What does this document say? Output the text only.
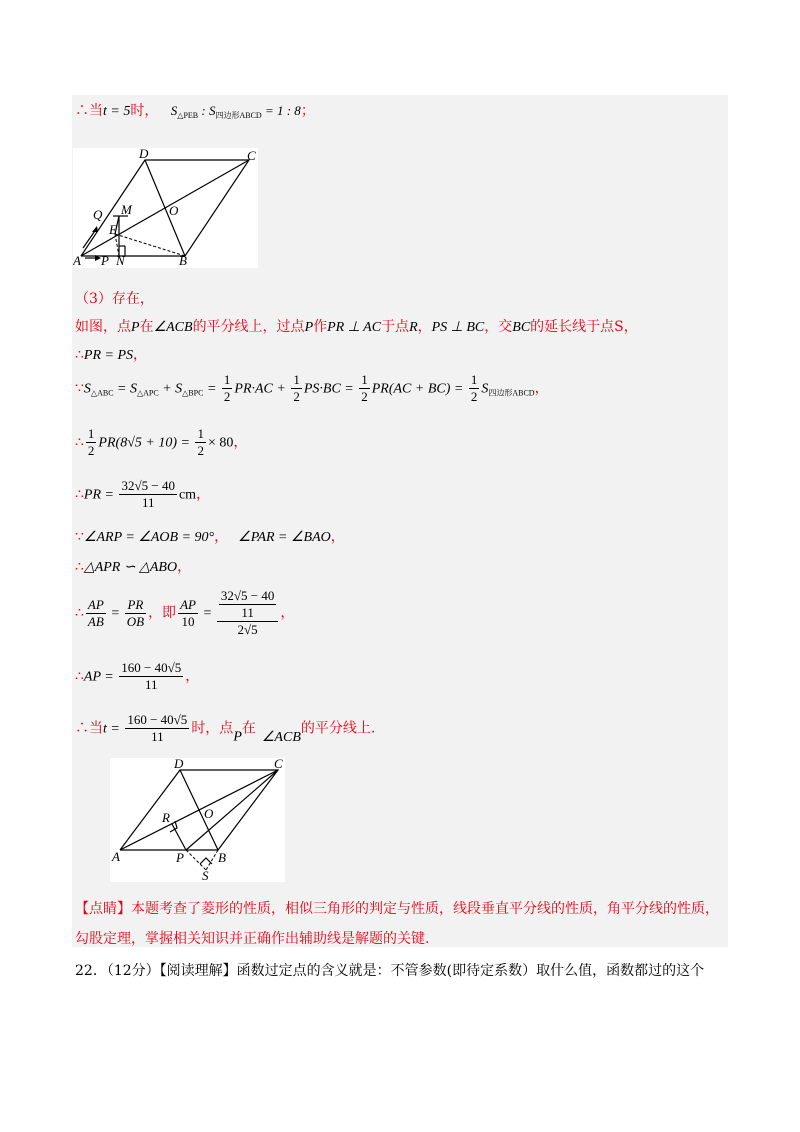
∴当t = 5时， $S_{\triangle PEB}$ : $S_{四边形ABCD} = 1$ : 8；
D	C
Q M
E
O
A P N	B
（3）存在，
如图，点P在∠ACB的平分线上，过点P作PR ⊥ AC于点R，PS ⊥ BC，交BC的延长线于点S，
∴PR = PS，
$\because S_{\triangle ABC} = S_{\triangle APC} + S_{\triangle BPC} = \frac{1}{2} PR\cdot AC + \frac{1}{2} PS\cdot BC = \frac{1}{2} PR(AC + BC) = \frac{1}{2} S_{四边形ABCD}$，
∴ $\frac{1}{2} PR(8√5 + 10) = \frac{1}{2} \times 80$，
∴PR = $\frac{32√5 - 40}{11}$ cm，
∵∠ARP = ∠AOB = 90°， ∠PAR = ∠BAO，
∴△APR ∽ △ABO，
∴ $\frac{AP}{AB} = \frac{PR}{OB}$ ，即 $\frac{AP}{10} = \frac{\frac{32√5 - 40}{11}}{2√5}$ ，
∴AP = $\frac{160 - 40√5}{11}$ ，
∴当$t = \frac{160 - 40√5}{11}$ 时，点P在∠ACB的平分线上.
D	C
R	O
A	P	B
S
【点睛】本题考查了菱形的性质，相似三角形的判定与性质，线段垂直平分线的性质，角平分线的性质，
勾股定理，掌握相关知识并正确作出辅助线是解题的关键.
22．（12分）【阅读理解】函数过定点的含义就是：不管参数(即待定系数）取什么值，函数都过的这个
